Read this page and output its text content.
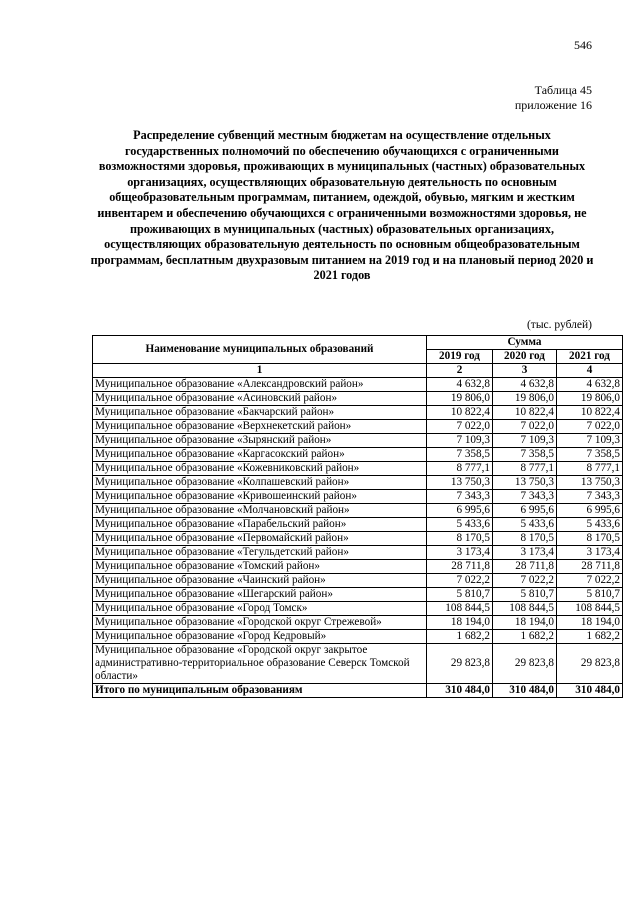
546
Таблица 45
приложение 16
Распределение субвенций местным бюджетам на осуществление отдельных государственных полномочий по обеспечению обучающихся с ограниченными возможностями здоровья, проживающих в муниципальных (частных) образовательных организациях, осуществляющих образовательную деятельность по основным общеобразовательным программам, питанием, одеждой, обувью, мягким и жестким инвентарем и обеспечению обучающихся с ограниченными возможностями здоровья, не проживающих в муниципальных (частных) образовательных организациях, осуществляющих образовательную деятельность по основным общеобразовательным программам, бесплатным двухразовым питанием на 2019 год и на плановый период 2020 и 2021 годов
(тыс. рублей)
Наименование муниципальных образований	Сумма		
	2019 год	2020 год	2021 год
1	2	3	4
Муниципальное образование «Александровский район»	4 632,8	4 632,8	4 632,8
Муниципальное образование «Асиновский район»	19 806,0	19 806,0	19 806,0
Муниципальное образование «Бакчарский район»	10 822,4	10 822,4	10 822,4
Муниципальное образование «Верхнекетский район»	7 022,0	7 022,0	7 022,0
Муниципальное образование «Зырянский район»	7 109,3	7 109,3	7 109,3
Муниципальное образование «Каргасокский район»	7 358,5	7 358,5	7 358,5
Муниципальное образование «Кожевниковский район»	8 777,1	8 777,1	8 777,1
Муниципальное образование «Колпашевский район»	13 750,3	13 750,3	13 750,3
Муниципальное образование «Кривошеинский район»	7 343,3	7 343,3	7 343,3
Муниципальное образование «Молчановский район»	6 995,6	6 995,6	6 995,6
Муниципальное образование «Парабельский район»	5 433,6	5 433,6	5 433,6
Муниципальное образование «Первомайский район»	8 170,5	8 170,5	8 170,5
Муниципальное образование «Тегульдетский район»	3 173,4	3 173,4	3 173,4
Муниципальное образование «Томский район»	28 711,8	28 711,8	28 711,8
Муниципальное образование «Чаинский район»	7 022,2	7 022,2	7 022,2
Муниципальное образование «Шегарский район»	5 810,7	5 810,7	5 810,7
Муниципальное образование «Город Томск»	108 844,5	108 844,5	108 844,5
Муниципальное образование «Городской округ Стрежевой»	18 194,0	18 194,0	18 194,0
Муниципальное образование «Город Кедровый»	1 682,2	1 682,2	1 682,2
Муниципальное образование «Городской округ закрытое административно-территориальное образование Северск Томской области»	29 823,8	29 823,8	29 823,8
Итого по муниципальным образованиям	310 484,0	310 484,0	310 484,0
